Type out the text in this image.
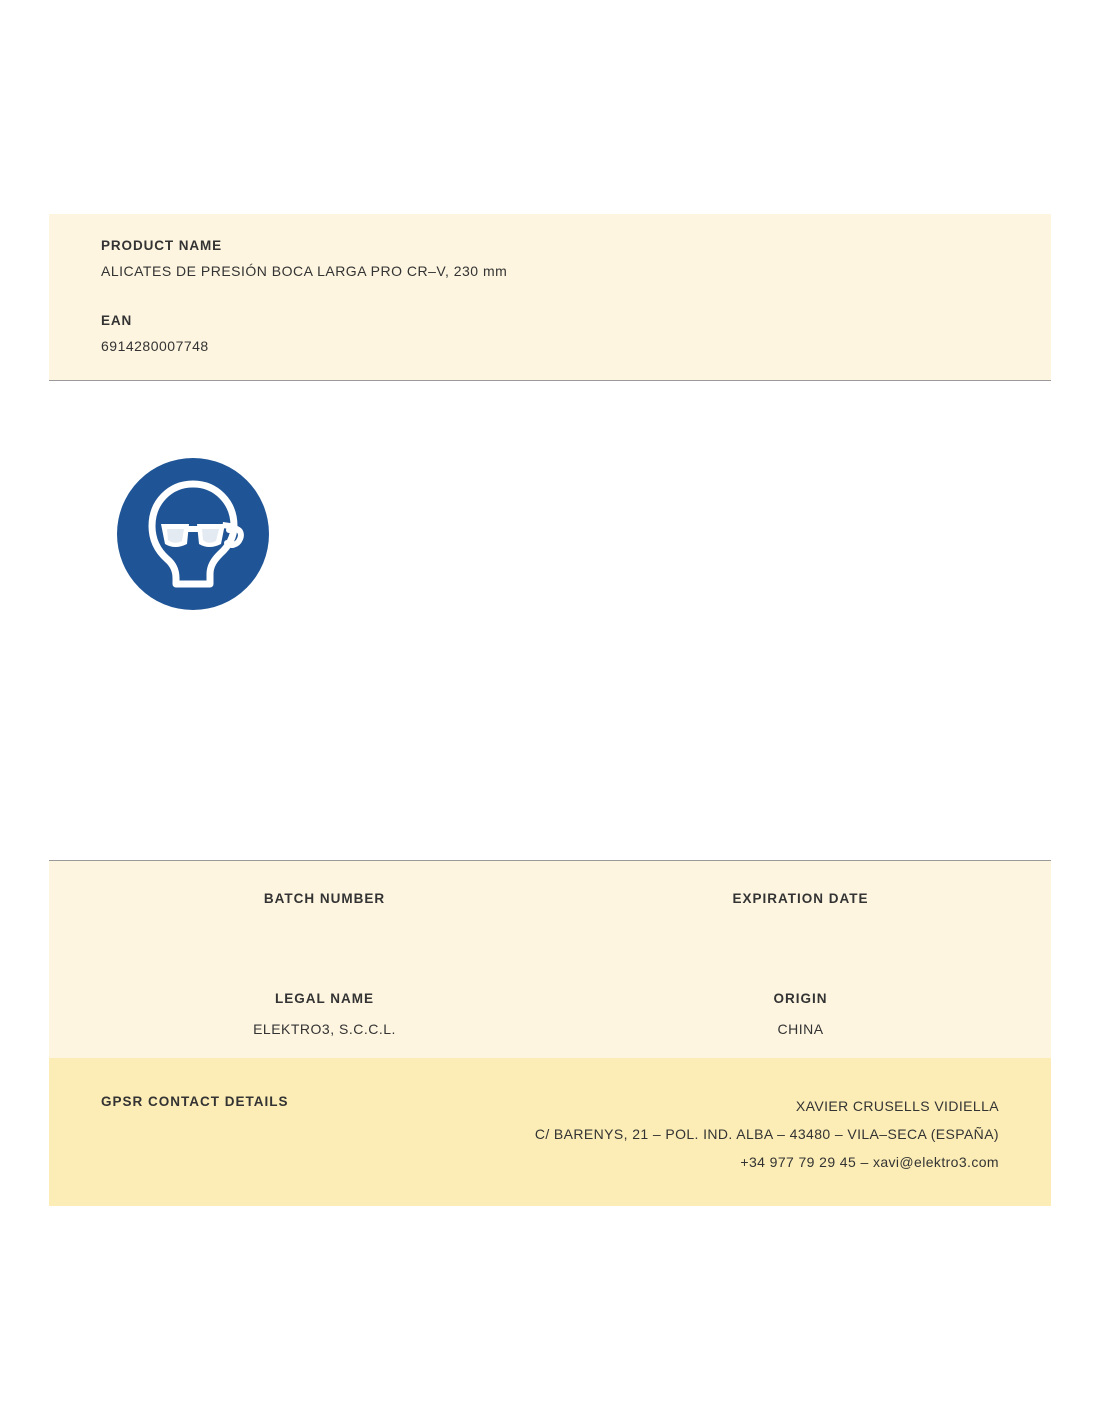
PRODUCT NAME

ALICATES DE PRESIÓN BOCA LARGA PRO CR–V, 230 mm

EAN

6914280007748

BATCH NUMBER	EXPIRATION DATE

LEGAL NAME

ELEKTRO3, S.C.C.L.

ORIGIN

CHINA

GPSR CONTACT DETAILS	XAVIER CRUSELLS VIDIELLA
C/ BARENYS, 21 – POL. IND. ALBA – 43480 – VILA–SECA (ESPAÑA)
+34 977 79 29 45 – xavi@elektro3.com
